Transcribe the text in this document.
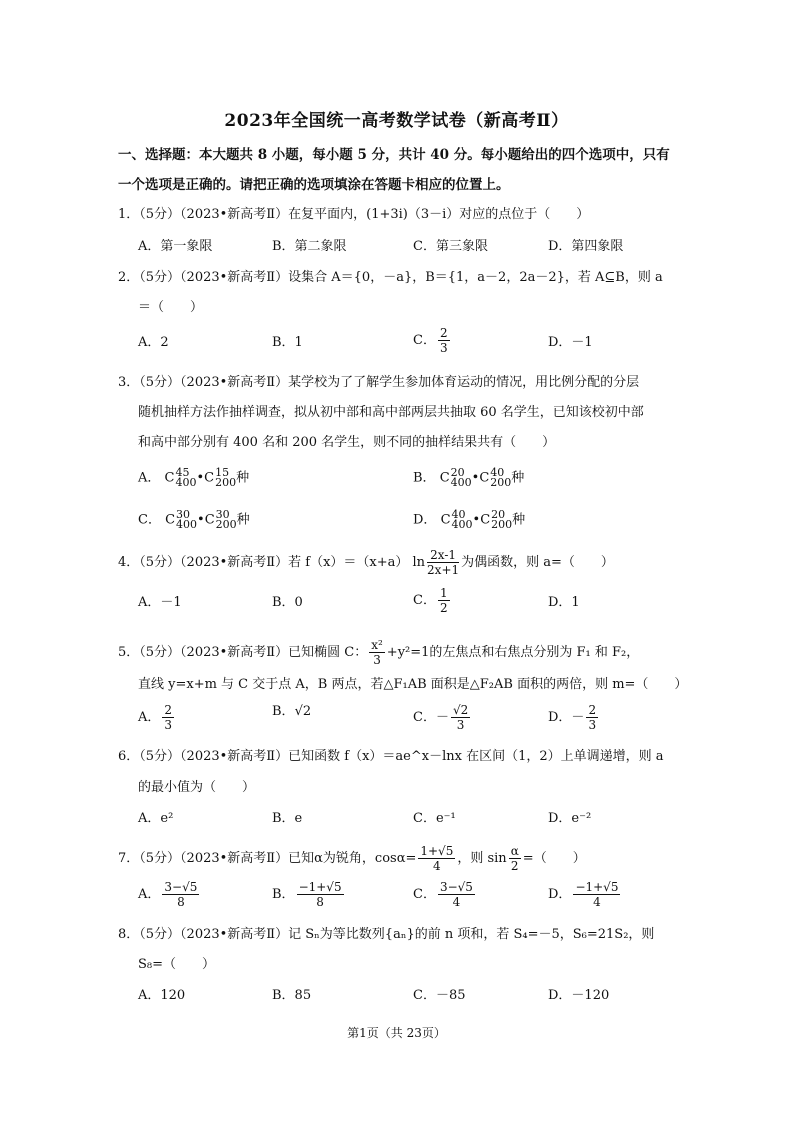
2023年全国统一高考数学试卷（新高考Ⅱ）
一、选择题：本大题共 8 小题，每小题 5 分，共计 40 分。每小题给出的四个选项中，只有
一个选项是正确的。请把正确的选项填涂在答题卡相应的位置上。
1．（5分）（2023•新高考Ⅱ）在复平面内，(1+3i)（3－i）对应的点位于（　　）
A．第一象限	B．第二象限	C．第三象限	D．第四象限
2．（5分）（2023•新高考Ⅱ）设集合 A＝{0，－a}，B＝{1，a－2，2a－2}，若 A⊆B，则 a
＝（　　）
A．2	B．1	C． $\frac{2}{3}$	D．－1
3．（5分）（2023•新高考Ⅱ）某学校为了了解学生参加体育运动的情况，用比例分配的分层
随机抽样方法作抽样调查，拟从初中部和高中部两层共抽取 60 名学生，已知该校初中部
和高中部分别有 400 名和 200 名学生，则不同的抽样结果共有（　　）
A． C 45
400 •C 15
200 种	B． C 20
400 •C 40
200 种
C． C 30
400 •C 30
200 种	D． C 40
400 •C 20
200 种
4．（5分）（2023•新高考Ⅱ）若 f（x）＝（x+a） $\ln \frac{2x-1}{2x+1}$ 为偶函数，则 a=（　　）
A．－1	B．0	C． $\frac{1}{2}$	D．1
5．（5分）（2023•新高考Ⅱ）已知椭圆 C： $\frac{\text{x²}}{3} +y^2=1$的左焦点和右焦点分别为 F₁ 和 F₂，
直线 y=x+m 与 C 交于点 A，B 两点，若△F₁AB 面积是△F₂AB 面积的两倍，则 m=（　　）
A． $\frac{2}{3}$	B．√2	C．－ $\frac{√2}{3}$	D．－ $\frac{2}{3}$
6．（5分）（2023•新高考Ⅱ）已知函数 f（x）＝ae^x－lnx 在区间（1，2）上单调递增，则 a
的最小值为（　　）
A．e²	B．e	C．e⁻¹	D．e⁻²
7．（5分）（2023•新高考Ⅱ）已知α为锐角，$\cos\alpha= \frac{1+√5}{4}$ ，则 $\sin \frac{\alpha}{2}$ =（　　）
A． $\frac{3-√5}{8}$	B． $\frac{-1+√5}{8}$	C． $\frac{3-√5}{4}$	D． $\frac{-1+√5}{4}$
8．（5分）（2023•新高考Ⅱ）记 Sₙ为等比数列{aₙ}的前 n 项和，若 S₄=－5，S₆=21S₂，则
S₈=（　　）
A．120	B．85	C．－85	D．－120
第1页（共 23页）
